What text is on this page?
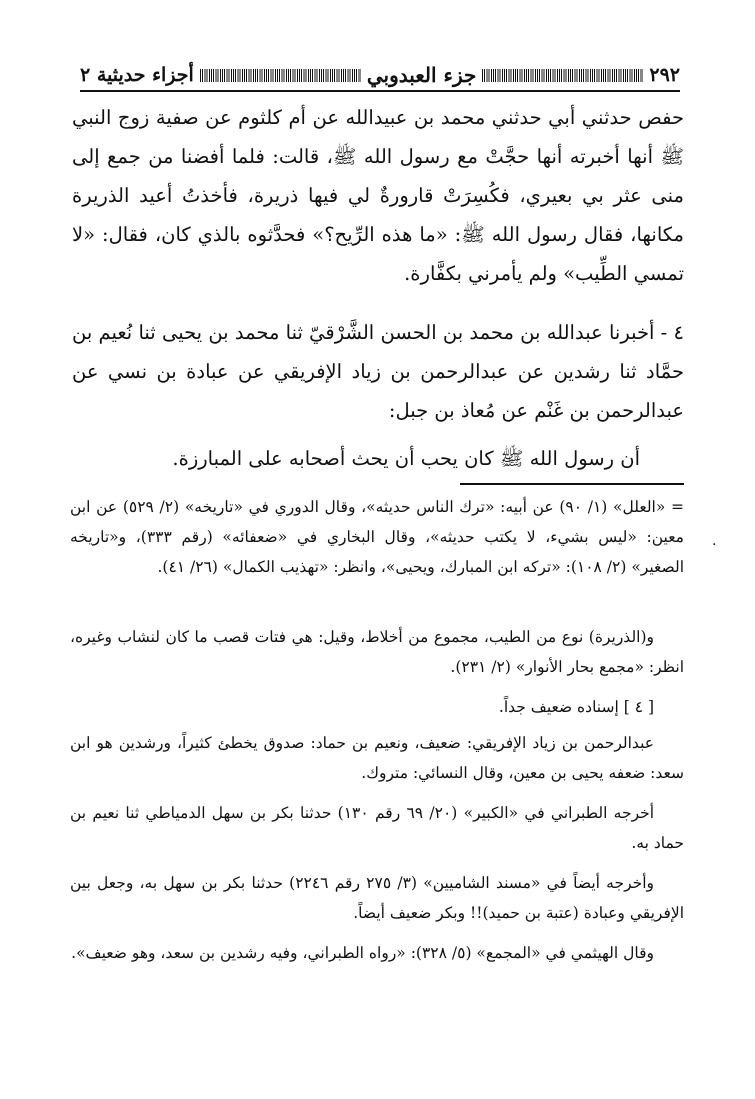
٢٩٢
جزء العبدوبي
أجزاء حديثية ٢

حفص حدثني أبي حدثني محمد بن عبيدالله عن أم كلثوم عن صفية زوج النبي ﷺ أنها أخبرته أنها حجَّتْ مع رسول الله ﷺ، قالت: فلما أفضنا من جمع إلى منى عثر بي بعيري، فكُسِرَتْ قارورةٌ لي فيها ذريرة، فأخذتُ أعيد الذريرة مكانها، فقال رسول الله ﷺ: «ما هذه الرِّيح؟» فحدَّثوه بالذي كان، فقال: «لا تمسي الطِّيب» ولم يأمرني بكفَّارة.

٤ - أخبرنا عبدالله بن محمد بن الحسن الشَّرْقيّ ثنا محمد بن يحيى ثنا نُعيم بن حمَّاد ثنا رشدين عن عبدالرحمن بن زياد الإفريقي عن عبادة بن نسي عن عبدالرحمن بن غَنْم عن مُعاذ بن جبل:

أن رسول الله ﷺ كان يحب أن يحث أصحابه على المبارزة.

= «العلل» (١/ ٩٠) عن أبيه: «ترك الناس حديثه»، وقال الدوري في «تاريخه» (٢/ ٥٢٩) عن ابن معين: «ليس بشيء، لا يكتب حديثه»، وقال البخاري في «ضعفائه» (رقم ٣٣٣)، و«تاريخه الصغير» (٢/ ١٠٨): «تركه ابن المبارك، ويحيى»، وانظر: «تهذيب الكمال» (٢٦/ ٤١).

و(الذريرة) نوع من الطيب، مجموع من أخلاط، وقيل: هي فتات قصب ما كان لنشاب وغيره، انظر: «مجمع بحار الأنوار» (٢/ ٢٣١).

[ ٤ ] إسناده ضعيف جداً.

عبدالرحمن بن زياد الإفريقي: ضعيف، ونعيم بن حماد: صدوق يخطئ كثيراً، ورشدين هو ابن سعد: ضعفه يحيى بن معين، وقال النسائي: متروك.

أخرجه الطبراني في «الكبير» (٢٠/ ٦٩ رقم ١٣٠) حدثنا بكر بن سهل الدمياطي ثنا نعيم بن حماد به.

وأخرجه أيضاً في «مسند الشاميين» (٣/ ٢٧٥ رقم ٢٢٤٦) حدثنا بكر بن سهل به، وجعل بين الإفريقي وعبادة (عتبة بن حميد)!! وبكر ضعيف أيضاً.

وقال الهيثمي في «المجمع» (٥/ ٣٢٨): «رواه الطبراني، وفيه رشدين بن سعد، وهو ضعيف».

·
